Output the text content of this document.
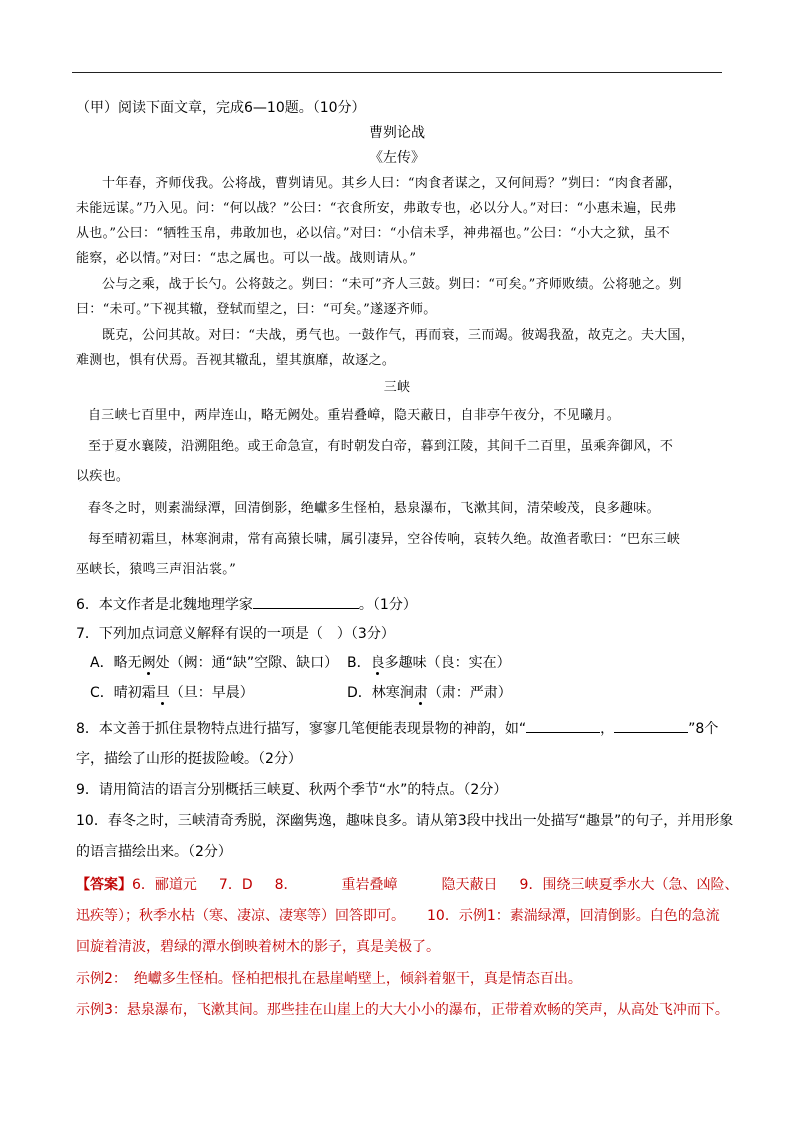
（甲）阅读下面文章，完成6—10题。（10分）
曹刿论战
《左传》
十年春，齐师伐我。公将战，曹刿请见。其乡人曰：“肉食者谋之，又何间焉？”刿曰：“肉食者鄙，
未能远谋。”乃入见。问：“何以战？”公曰：“衣食所安，弗敢专也，必以分人。”对曰：“小惠未遍，民弗
从也。”公曰：“牺牲玉帛，弗敢加也，必以信。”对曰：“小信未孚，神弗福也。”公曰：“小大之狱，虽不
能察，必以情。”对曰：“忠之属也。可以一战。战则请从。”
公与之乘，战于长勺。公将鼓之。刿曰：“未可”齐人三鼓。刿曰：“可矣。”齐师败绩。公将驰之。刿
曰：“未可。”下视其辙，登轼而望之，曰：“可矣。”遂逐齐师。
既克，公问其故。对曰：“夫战，勇气也。一鼓作气，再而衰，三而竭。彼竭我盈，故克之。夫大国，
难测也，惧有伏焉。吾视其辙乱，望其旗靡，故逐之。
三峡
自三峡七百里中，两岸连山，略无阙处。重岩叠嶂，隐天蔽日，自非亭午夜分，不见曦月。
至于夏水襄陵，沿溯阻绝。或王命急宣，有时朝发白帝，暮到江陵，其间千二百里，虽乘奔御风，不
以疾也。
春冬之时，则素湍绿潭，回清倒影，绝巘多生怪柏，悬泉瀑布，飞漱其间，清荣峻茂，良多趣味。
每至晴初霜旦，林寒涧肃，常有高猿长啸，属引凄异，空谷传响，哀转久绝。故渔者歌曰：“巴东三峡
巫峡长，猿鸣三声泪沾裳。”
6．本文作者是北魏地理学家	。（1分）
7．下列加点词意义解释有误的一项是（　）（3分）
A．略无阙处（阙：通“缺”空隙、缺口） B．良多趣味（良：实在）
C．晴初霜旦（旦：早晨）	D．林寒涧肃（肃：严肃）
8．本文善于抓住景物特点进行描写，寥寥几笔便能表现景物的神韵，如“	，	”8个
字，描绘了山形的挺拔险峻。（2分）
9．请用简洁的语言分别概括三峡夏、秋两个季节“水”的特点。（2分）
10．春冬之时，三峡清奇秀脱，深幽隽逸，趣味良多。请从第3段中找出一处描写“趣景”的句子，并用形象
的语言描绘出来。（2分）
【答案】6．郦道元 7．D 8．	重岩叠嶂	隐天蔽日 9．围绕三峡夏季水大（急、凶险、
迅疾等）；秋季水枯（寒、凄凉、凄寒等）回答即可。 10．示例1：素湍绿潭，回清倒影。白色的急流
回旋着清波，碧绿的潭水倒映着树木的影子，真是美极了。
示例2：　绝巘多生怪柏。怪柏把根扎在悬崖峭壁上，倾斜着躯干，真是情态百出。
示例3：悬泉瀑布，飞漱其间。那些挂在山崖上的大大小小的瀑布，正带着欢畅的笑声，从高处飞冲而下。
